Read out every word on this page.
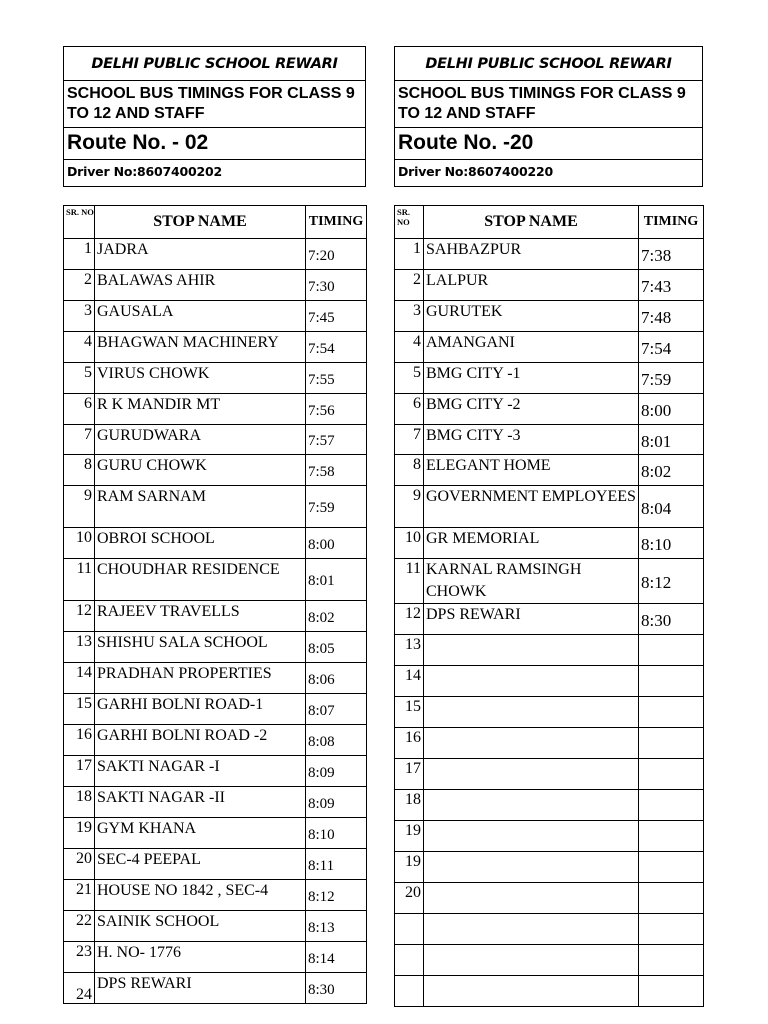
DELHI PUBLIC SCHOOL REWARI
SCHOOL BUS TIMINGS FOR CLASS 9 TO 12 AND STAFF
Route No. - 02
Driver No:8607400202
DELHI PUBLIC SCHOOL REWARI
SCHOOL BUS TIMINGS FOR CLASS 9 TO 12 AND STAFF
Route No. -20
Driver No:8607400220
SR. NO	STOP NAME	TIMING
1	JADRA	7:20
2	BALAWAS AHIR	7:30
3	GAUSALA	7:45
4	BHAGWAN MACHINERY	7:54
5	VIRUS CHOWK	7:55
6	R K MANDIR MT	7:56
7	GURUDWARA	7:57
8	GURU CHOWK	7:58
9	RAM SARNAM	7:59
10	OBROI SCHOOL	8:00
11	CHOUDHAR RESIDENCE	8:01
12	RAJEEV TRAVELLS	8:02
13	SHISHU SALA SCHOOL	8:05
14	PRADHAN PROPERTIES	8:06
15	GARHI BOLNI ROAD-1	8:07
16	GARHI BOLNI ROAD -2	8:08
17	SAKTI NAGAR -I	8:09
18	SAKTI NAGAR -II	8:09
19	GYM KHANA	8:10
20	SEC-4 PEEPAL	8:11
21	HOUSE NO 1842 , SEC-4	8:12
22	SAINIK SCHOOL	8:13
23	H. NO- 1776	8:14
24	DPS REWARI	8:30
SR. NO	STOP NAME	TIMING
1	SAHBAZPUR	7:38
2	LALPUR	7:43
3	GURUTEK	7:48
4	AMANGANI	7:54
5	BMG CITY -1	7:59
6	BMG CITY -2	8:00
7	BMG CITY -3	8:01
8	ELEGANT HOME	8:02
9	GOVERNMENT EMPLOYEES	8:04
10	GR MEMORIAL	8:10
11	KARNAL RAMSINGH CHOWK	8:12
12	DPS REWARI	8:30
13		
14		
15		
16		
17		
18		
19		
19		
20		
